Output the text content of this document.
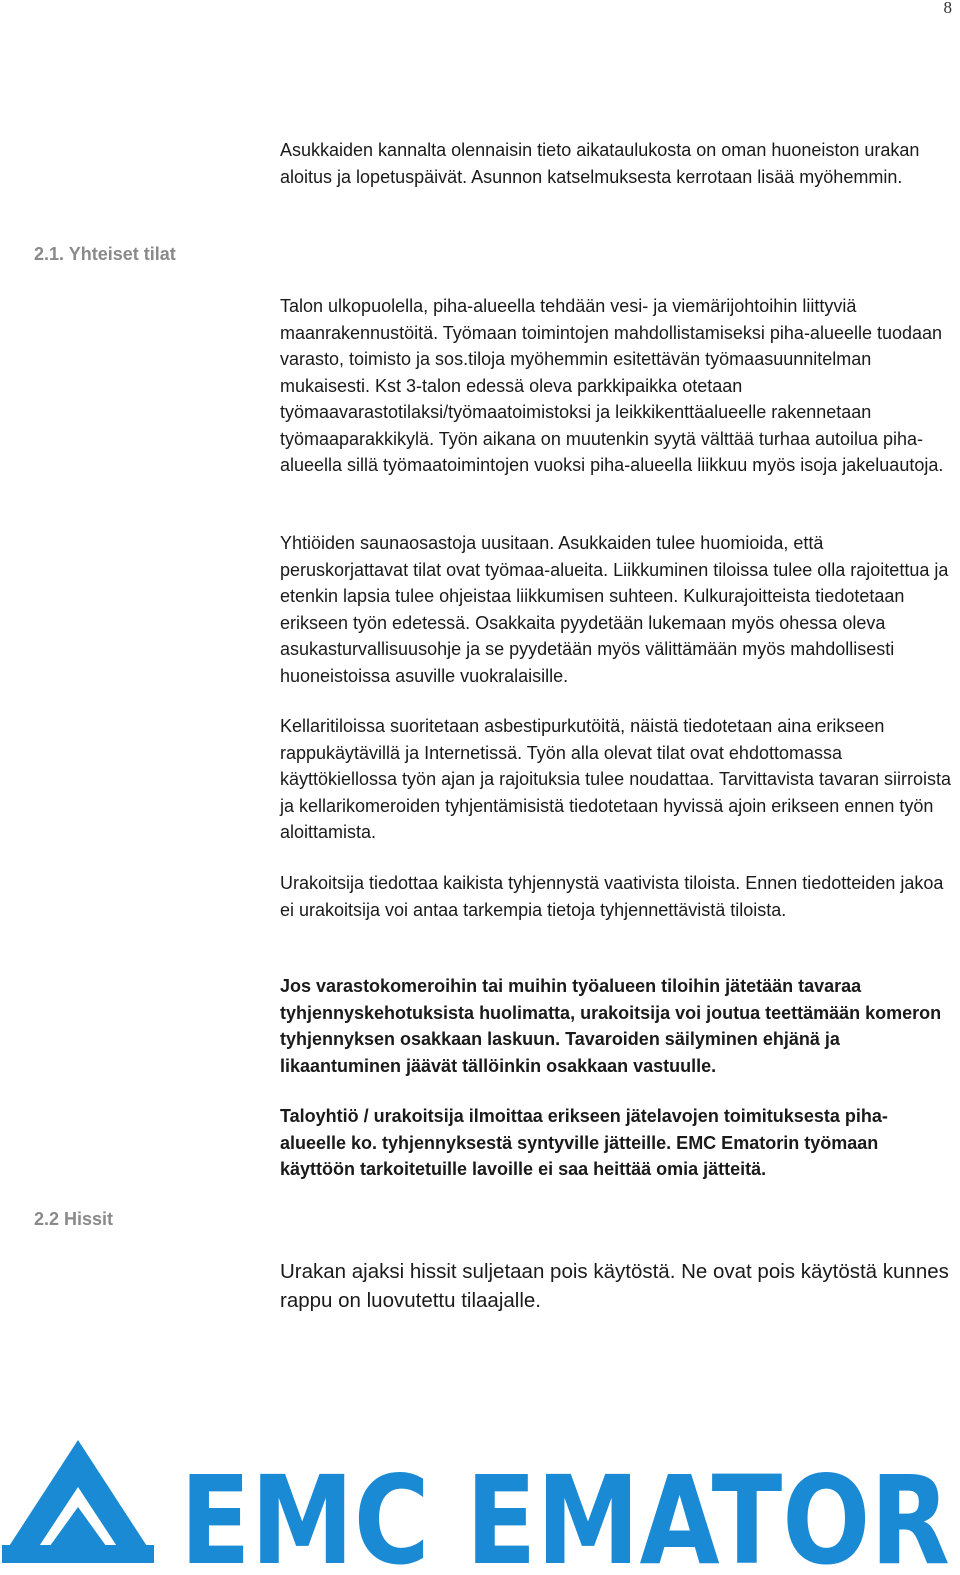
8

Asukkaiden kannalta olennaisin tieto aikataulukosta on oman huoneiston urakan aloitus ja lopetuspäivät. Asunnon katselmuksesta kerrotaan lisää myöhemmin.

2.1. Yhteiset tilat

Talon ulkopuolella, piha-alueella tehdään vesi- ja viemärijohtoihin liittyviä maanrakennustöitä. Työmaan toimintojen mahdollistamiseksi piha-alueelle tuodaan varasto, toimisto ja sos.tiloja myöhemmin esitettävän työmaasuunnitelman mukaisesti. Kst 3-talon edessä oleva parkkipaikka otetaan työmaavarastotilaksi/työmaatoimistoksi ja leikkikenttäalueelle rakennetaan työmaaparakkikylä. Työn aikana on muutenkin syytä välttää turhaa autoilua piha-alueella sillä työmaatoimintojen vuoksi piha-alueella liikkuu myös isoja jakeluautoja.

Yhtiöiden saunaosastoja uusitaan. Asukkaiden tulee huomioida, että peruskorjattavat tilat ovat työmaa-alueita. Liikkuminen tiloissa tulee olla rajoitettua ja etenkin lapsia tulee ohjeistaa liikkumisen suhteen. Kulkurajoitteista tiedotetaan erikseen työn edetessä. Osakkaita pyydetään lukemaan myös ohessa oleva asukasturvallisuusohje ja se pyydetään myös välittämään myös mahdollisesti huoneistoissa asuville vuokralaisille.

Kellaritiloissa suoritetaan asbestipurkutöitä, näistä tiedotetaan aina erikseen rappukäytävillä ja Internetissä. Työn alla olevat tilat ovat ehdottomassa käyttökiellossa työn ajan ja rajoituksia tulee noudattaa. Tarvittavista tavaran siirroista ja kellarikomeroiden tyhjentämisistä tiedotetaan hyvissä ajoin erikseen ennen työn aloittamista.

Urakoitsija tiedottaa kaikista tyhjennystä vaativista tiloista. Ennen tiedotteiden jakoa ei urakoitsija voi antaa tarkempia tietoja tyhjennettävistä tiloista.

Jos varastokomeroihin tai muihin työalueen tiloihin jätetään tavaraa tyhjennyskehotuksista huolimatta, urakoitsija voi joutua teettämään komeron tyhjennyksen osakkaan laskuun. Tavaroiden säilyminen ehjänä ja likaantuminen jäävät tällöinkin osakkaan vastuulle.

Taloyhtiö / urakoitsija ilmoittaa erikseen jätelavojen toimituksesta piha-alueelle ko. tyhjennyksestä syntyville jätteille. EMC Ematorin työmaan käyttöön tarkoitetuille lavoille ei saa heittää omia jätteitä.

2.2 Hissit

Urakan ajaksi hissit suljetaan pois käytöstä. Ne ovat pois käytöstä kunnes rappu on luovutettu tilaajalle.

EMC EMATOR
